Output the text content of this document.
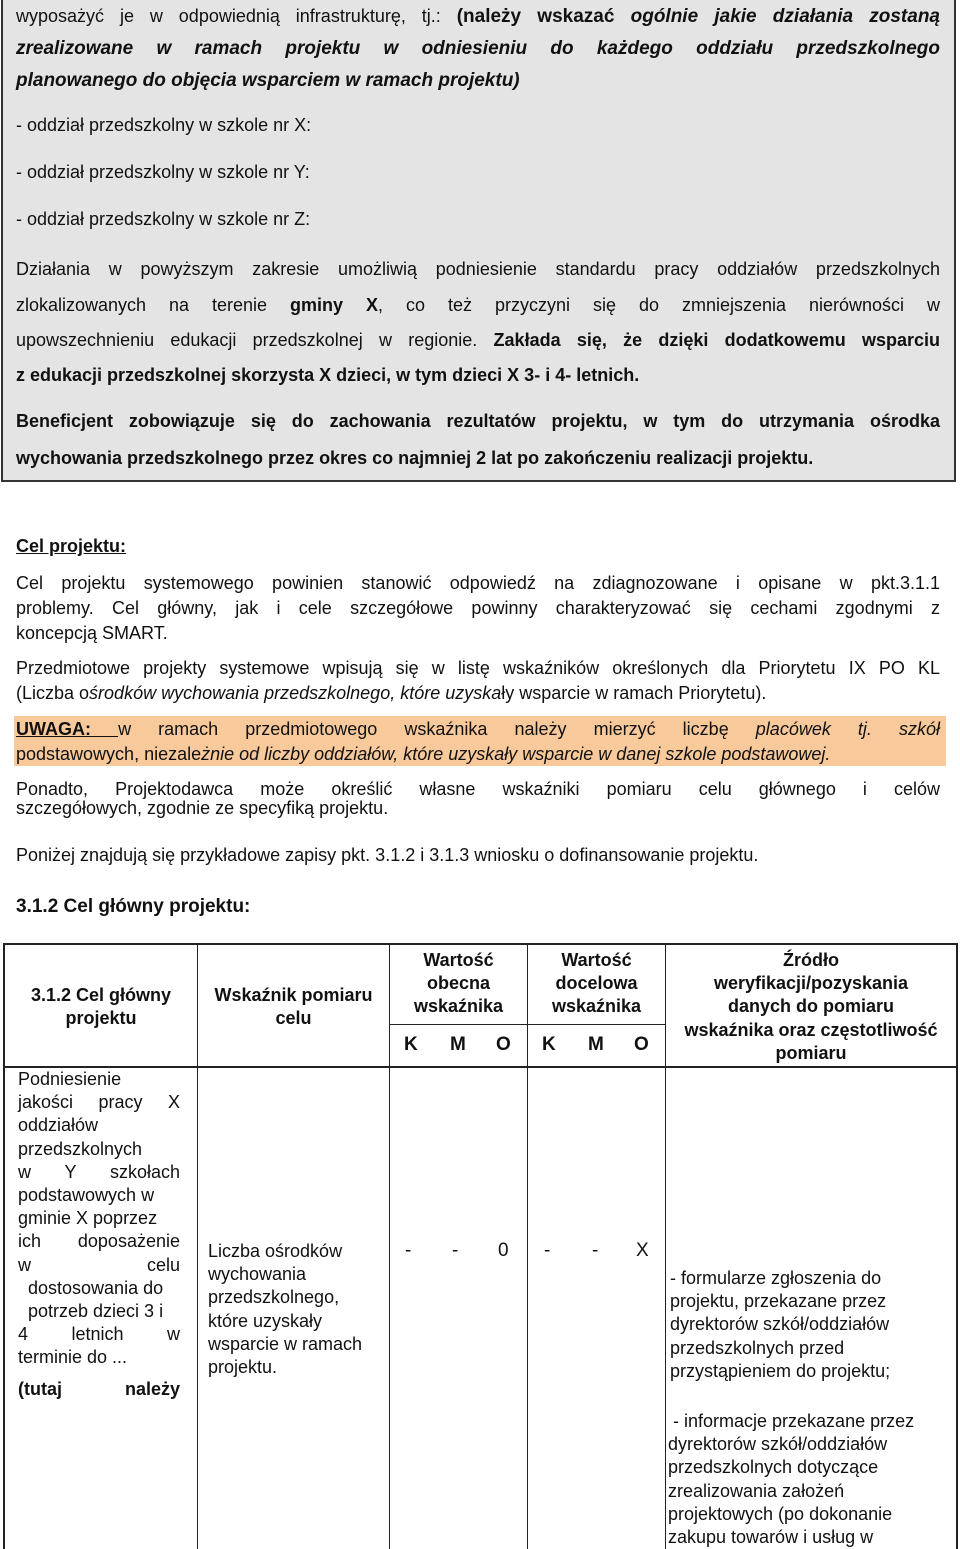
wyposażyć je w odpowiednią infrastrukturę, tj.: (należy wskazać ogólnie jakie działania zostaną
zrealizowane w ramach projektu w odniesieniu do każdego oddziału przedszkolnego
planowanego do objęcia wsparciem w ramach projektu)
- oddział przedszkolny w szkole nr X:
- oddział przedszkolny w szkole nr Y:
- oddział przedszkolny w szkole nr Z:
Działania w powyższym zakresie umożliwią podniesienie standardu pracy oddziałów przedszkolnych
zlokalizowanych na terenie gminy X, co też przyczyni się do zmniejszenia nierówności w
upowszechnieniu edukacji przedszkolnej w regionie. Zakłada się, że dzięki dodatkowemu wsparciu
z edukacji przedszkolnej skorzysta X dzieci, w tym dzieci X 3- i 4- letnich.
Beneficjent zobowiązuje się do zachowania rezultatów projektu, w tym do utrzymania ośrodka
wychowania przedszkolnego przez okres co najmniej 2 lat po zakończeniu realizacji projektu.
Cel projektu:
Cel projektu systemowego powinien stanowić odpowiedź na zdiagnozowane i opisane w pkt.3.1.1
problemy. Cel główny, jak i cele szczegółowe powinny charakteryzować się cechami zgodnymi z
koncepcją SMART.
Przedmiotowe projekty systemowe wpisują się w listę wskaźników określonych dla Priorytetu IX PO KL
(Liczba ośrodków wychowania przedszkolnego, które uzyskały wsparcie w ramach Priorytetu).
UWAGA: w ramach przedmiotowego wskaźnika należy mierzyć liczbę placówek tj. szkół
podstawowych, niezależnie od liczby oddziałów, które uzyskały wsparcie w danej szkole podstawowej.
Ponadto, Projektodawca może określić własne wskaźniki pomiaru celu głównego i celów
szczegółowych, zgodnie ze specyfiką projektu.
Poniżej znajdują się przykładowe zapisy pkt. 3.1.2 i 3.1.3 wniosku o dofinansowanie projektu.
3.1.2 Cel główny projektu:
3.1.2 Cel główny
projektu
Wskaźnik pomiaru
celu
Wartość
obecna
wskaźnika
Wartość
docelowa
wskaźnika
Źródło
weryfikacji/pozyskania
danych do pomiaru
wskaźnika oraz częstotliwość
pomiaru
K M O K M O
Podniesienie
jakości pracy X
oddziałów
przedszkolnych
w Y szkołach
podstawowych w
gminie X poprzez
ich doposażenie
w celu
dostosowania do
potrzeb dzieci 3 i
4 letnich w
terminie do ...
(tutaj należy
Liczba ośrodków
wychowania
przedszkolnego,
które uzyskały
wsparcie w ramach
projektu.
- - 0 - - X
- formularze zgłoszenia do
projektu, przekazane przez
dyrektorów szkół/oddziałów
przedszkolnych przed
przystąpieniem do projektu;
- informacje przekazane przez
dyrektorów szkół/oddziałów
przedszkolnych dotyczące
zrealizowania założeń
projektowych (po dokonanie
zakupu towarów i usług w
